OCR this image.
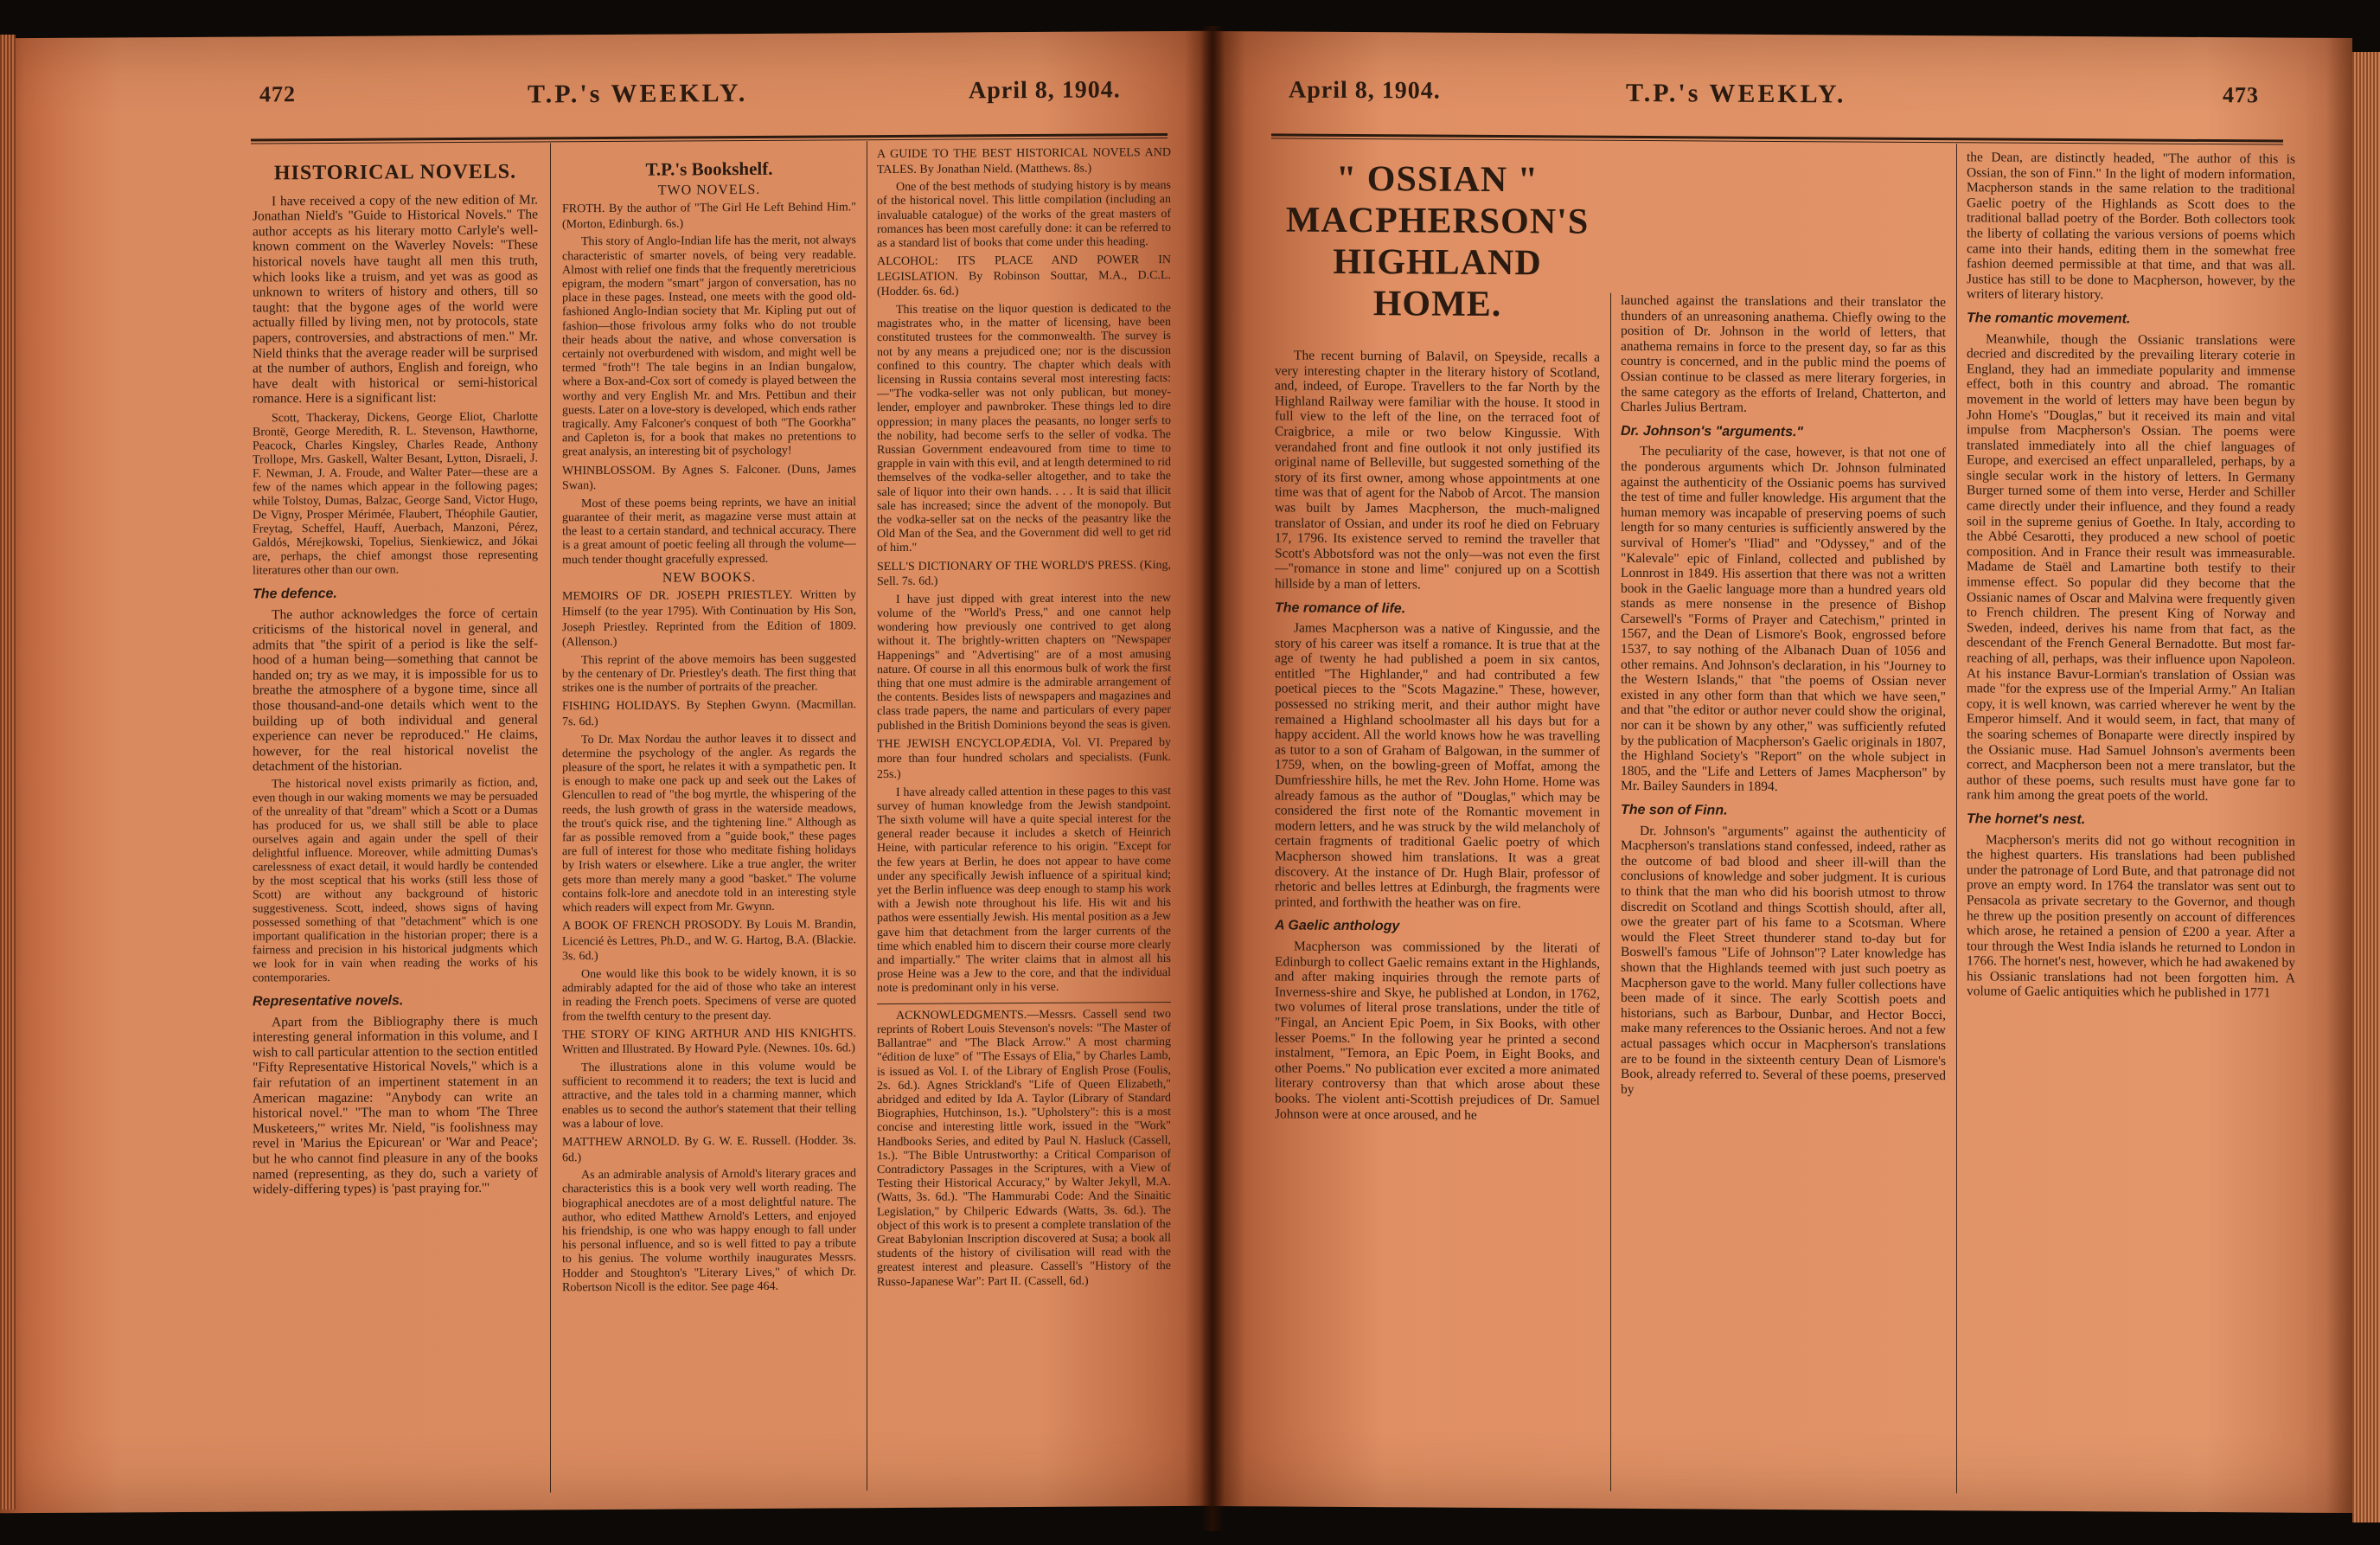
472	T.P.'s WEEKLY.	April 8, 1904.
HISTORICAL NOVELS.

I have received a copy of the new edition of Mr. Jonathan Nield's "Guide to Historical Novels." The author accepts as his literary motto Carlyle's well-known comment on the Waverley Novels: "These historical novels have taught all men this truth, which looks like a truism, and yet was as good as unknown to writers of history and others, till so taught: that the bygone ages of the world were actually filled by living men, not by protocols, state papers, controversies, and abstractions of men." Mr. Nield thinks that the average reader will be surprised at the number of authors, English and foreign, who have dealt with historical or semi-historical romance. Here is a significant list:

Scott, Thackeray, Dickens, George Eliot, Charlotte Brontë, George Meredith, R. L. Stevenson, Hawthorne, Peacock, Charles Kingsley, Charles Reade, Anthony Trollope, Mrs. Gaskell, Walter Besant, Lytton, Disraeli, J. F. Newman, J. A. Froude, and Walter Pater—these are a few of the names which appear in the following pages; while Tolstoy, Dumas, Balzac, George Sand, Victor Hugo, De Vigny, Prosper Mérimée, Flaubert, Théophile Gautier, Freytag, Scheffel, Hauff, Auerbach, Manzoni, Pérez, Galdós, Mérejkowski, Topelius, Sienkiewicz, and Jókai are, perhaps, the chief amongst those representing literatures other than our own.

The defence.

The author acknowledges the force of certain criticisms of the historical novel in general, and admits that "the spirit of a period is like the self-hood of a human being—something that cannot be handed on; try as we may, it is impossible for us to breathe the atmosphere of a bygone time, since all those thousand-and-one details which went to the building up of both individual and general experience can never be reproduced." He claims, however, for the real historical novelist the detachment of the historian.

The historical novel exists primarily as fiction, and, even though in our waking moments we may be persuaded of the unreality of that "dream" which a Scott or a Dumas has produced for us, we shall still be able to place ourselves again and again under the spell of their delightful influence. Moreover, while admitting Dumas's carelessness of exact detail, it would hardly be contended by the most sceptical that his works (still less those of Scott) are without any background of historic suggestiveness. Scott, indeed, shows signs of having possessed something of that "detachment" which is one important qualification in the historian proper; there is a fairness and precision in his historical judgments which we look for in vain when reading the works of his contemporaries.

Representative novels.

Apart from the Bibliography there is much interesting general information in this volume, and I wish to call particular attention to the section entitled "Fifty Representative Historical Novels," which is a fair refutation of an impertinent statement in an American magazine: "Anybody can write an historical novel." "The man to whom 'The Three Musketeers,'" writes Mr. Nield, "is foolishness may revel in 'Marius the Epicurean' or 'War and Peace'; but he who cannot find pleasure in any of the books named (representing, as they do, such a variety of widely-differing types) is 'past praying for.'"

T.P.'s Bookshelf.
TWO NOVELS.

FROTH. By the author of "The Girl He Left Behind Him." (Morton, Edinburgh. 6s.)

This story of Anglo-Indian life has the merit, not always characteristic of smarter novels, of being very readable. Almost with relief one finds that the frequently meretricious epigram, the modern "smart" jargon of conversation, has no place in these pages. Instead, one meets with the good old-fashioned Anglo-Indian society that Mr. Kipling put out of fashion—those frivolous army folks who do not trouble their heads about the native, and whose conversation is certainly not overburdened with wisdom, and might well be termed "froth"! The tale begins in an Indian bungalow, where a Box-and-Cox sort of comedy is played between the worthy and very English Mr. and Mrs. Pettibun and their guests. Later on a love-story is developed, which ends rather tragically. Amy Falconer's conquest of both "The Goorkha" and Capleton is, for a book that makes no pretentions to great analysis, an interesting bit of psychology!

WHINBLOSSOM. By Agnes S. Falconer. (Duns, James Swan).

Most of these poems being reprints, we have an initial guarantee of their merit, as magazine verse must attain at the least to a certain standard, and technical accuracy. There is a great amount of poetic feeling all through the volume—much tender thought gracefully expressed.

NEW BOOKS.

MEMOIRS OF DR. JOSEPH PRIESTLEY. Written by Himself (to the year 1795). With Continuation by His Son, Joseph Priestley. Reprinted from the Edition of 1809. (Allenson.)

This reprint of the above memoirs has been suggested by the centenary of Dr. Priestley's death. The first thing that strikes one is the number of portraits of the preacher.

FISHING HOLIDAYS. By Stephen Gwynn. (Macmillan. 7s. 6d.)

To Dr. Max Nordau the author leaves it to dissect and determine the psychology of the angler. As regards the pleasure of the sport, he relates it with a sympathetic pen. It is enough to make one pack up and seek out the Lakes of Glencullen to read of "the bog myrtle, the whispering of the reeds, the lush growth of grass in the waterside meadows, the trout's quick rise, and the tightening line." Although as far as possible removed from a "guide book," these pages are full of interest for those who meditate fishing holidays by Irish waters or elsewhere. Like a true angler, the writer gets more than merely many a good "basket." The volume contains folk-lore and anecdote told in an interesting style which readers will expect from Mr. Gwynn.

A BOOK OF FRENCH PROSODY. By Louis M. Brandin, Licencié ès Lettres, Ph.D., and W. G. Hartog, B.A. (Blackie. 3s. 6d.)

One would like this book to be widely known, it is so admirably adapted for the aid of those who take an interest in reading the French poets. Specimens of verse are quoted from the twelfth century to the present day.

THE STORY OF KING ARTHUR AND HIS KNIGHTS. Written and Illustrated. By Howard Pyle. (Newnes. 10s. 6d.)

The illustrations alone in this volume would be sufficient to recommend it to readers; the text is lucid and attractive, and the tales told in a charming manner, which enables us to second the author's statement that their telling was a labour of love.

MATTHEW ARNOLD. By G. W. E. Russell. (Hodder. 3s. 6d.)

As an admirable analysis of Arnold's literary graces and characteristics this is a book very well worth reading. The biographical anecdotes are of a most delightful nature. The author, who edited Matthew Arnold's Letters, and enjoyed his friendship, is one who was happy enough to fall under his personal influence, and so is well fitted to pay a tribute to his genius. The volume worthily inaugurates Messrs. Hodder and Stoughton's "Literary Lives," of which Dr. Robertson Nicoll is the editor. See page 464.

A GUIDE TO THE BEST HISTORICAL NOVELS AND TALES. By Jonathan Nield. (Matthews. 8s.)

One of the best methods of studying history is by means of the historical novel. This little compilation (including an invaluable catalogue) of the works of the great masters of romances has been most carefully done: it can be referred to as a standard list of books that come under this heading.

ALCOHOL: ITS PLACE AND POWER IN LEGISLATION. By Robinson Souttar, M.A., D.C.L. (Hodder. 6s. 6d.)

This treatise on the liquor question is dedicated to the magistrates who, in the matter of licensing, have been constituted trustees for the commonwealth. The survey is not by any means a prejudiced one; nor is the discussion confined to this country. The chapter which deals with licensing in Russia contains several most interesting facts:—"The vodka-seller was not only publican, but money-lender, employer and pawnbroker. These things led to dire oppression; in many places the peasants, no longer serfs to the nobility, had become serfs to the seller of vodka. The Russian Government endeavoured from time to time to grapple in vain with this evil, and at length determined to rid themselves of the vodka-seller altogether, and to take the sale of liquor into their own hands. . . . It is said that illicit sale has increased; since the advent of the monopoly. But the vodka-seller sat on the necks of the peasantry like the Old Man of the Sea, and the Government did well to get rid of him."

SELL'S DICTIONARY OF THE WORLD'S PRESS. (King, Sell. 7s. 6d.)

I have just dipped with great interest into the new volume of the "World's Press," and one cannot help wondering how previously one contrived to get along without it. The brightly-written chapters on "Newspaper Happenings" and "Advertising" are of a most amusing nature. Of course in all this enormous bulk of work the first thing that one must admire is the admirable arrangement of the contents. Besides lists of newspapers and magazines and class trade papers, the name and particulars of every paper published in the British Dominions beyond the seas is given.

THE JEWISH ENCYCLOPÆDIA, Vol. VI. Prepared by more than four hundred scholars and specialists. (Funk. 25s.)

I have already called attention in these pages to this vast survey of human knowledge from the Jewish standpoint. The sixth volume will have a quite special interest for the general reader because it includes a sketch of Heinrich Heine, with particular reference to his origin. "Except for the few years at Berlin, he does not appear to have come under any specifically Jewish influence of a spiritual kind; yet the Berlin influence was deep enough to stamp his work with a Jewish note throughout his life. His wit and his pathos were essentially Jewish. His mental position as a Jew gave him that detachment from the larger currents of the time which enabled him to discern their course more clearly and impartially." The writer claims that in almost all his prose Heine was a Jew to the core, and that the individual note is predominant only in his verse.

ACKNOWLEDGMENTS.—Messrs. Cassell send two reprints of Robert Louis Stevenson's novels: "The Master of Ballantrae" and "The Black Arrow." A most charming "édition de luxe" of "The Essays of Elia," by Charles Lamb, is issued as Vol. I. of the Library of English Prose (Foulis, 2s. 6d.). Agnes Strickland's "Life of Queen Elizabeth," abridged and edited by Ida A. Taylor (Library of Standard Biographies, Hutchinson, 1s.). "Upholstery": this is a most concise and interesting little work, issued in the "Work" Handbooks Series, and edited by Paul N. Hasluck (Cassell, 1s.). "The Bible Untrustworthy: a Critical Comparison of Contradictory Passages in the Scriptures, with a View of Testing their Historical Accuracy," by Walter Jekyll, M.A. (Watts, 3s. 6d.). "The Hammurabi Code: And the Sinaitic Legislation," by Chilperic Edwards (Watts, 3s. 6d.). The object of this work is to present a complete translation of the Great Babylonian Inscription discovered at Susa; a book all students of the history of civilisation will read with the greatest interest and pleasure. Cassell's "History of the Russo-Japanese War": Part II. (Cassell, 6d.)

April 8, 1904.	T.P.'s WEEKLY.	473
" OSSIAN " MACPHERSON'S HIGHLAND HOME.

The recent burning of Balavil, on Speyside, recalls a very interesting chapter in the literary history of Scotland, and, indeed, of Europe. Travellers to the far North by the Highland Railway were familiar with the house. It stood in full view to the left of the line, on the terraced foot of Craigbrice, a mile or two below Kingussie. With verandahed front and fine outlook it not only justified its original name of Belleville, but suggested something of the story of its first owner, among whose appointments at one time was that of agent for the Nabob of Arcot. The mansion was built by James Macpherson, the much-maligned translator of Ossian, and under its roof he died on February 17, 1796. Its existence served to remind the traveller that Scott's Abbotsford was not the only—was not even the first—"romance in stone and lime" conjured up on a Scottish hillside by a man of letters.

The romance of life.

James Macpherson was a native of Kingussie, and the story of his career was itself a romance. It is true that at the age of twenty he had published a poem in six cantos, entitled "The Highlander," and had contributed a few poetical pieces to the "Scots Magazine." These, however, possessed no striking merit, and their author might have remained a Highland schoolmaster all his days but for a happy accident. All the world knows how he was travelling as tutor to a son of Graham of Balgowan, in the summer of 1759, when, on the bowling-green of Moffat, among the Dumfriesshire hills, he met the Rev. John Home. Home was already famous as the author of "Douglas," which may be considered the first note of the Romantic movement in modern letters, and he was struck by the wild melancholy of certain fragments of traditional Gaelic poetry of which Macpherson showed him translations. It was a great discovery. At the instance of Dr. Hugh Blair, professor of rhetoric and belles lettres at Edinburgh, the fragments were printed, and forthwith the heather was on fire.

A Gaelic anthology

Macpherson was commissioned by the literati of Edinburgh to collect Gaelic remains extant in the Highlands, and after making inquiries through the remote parts of Inverness-shire and Skye, he published at London, in 1762, two volumes of literal prose translations, under the title of "Fingal, an Ancient Epic Poem, in Six Books, with other lesser Poems." In the following year he printed a second instalment, "Temora, an Epic Poem, in Eight Books, and other Poems." No publication ever excited a more animated literary controversy than that which arose about these books. The violent anti-Scottish prejudices of Dr. Samuel Johnson were at once aroused, and he

launched against the translations and their translator the thunders of an unreasoning anathema. Chiefly owing to the position of Dr. Johnson in the world of letters, that anathema remains in force to the present day, so far as this country is concerned, and in the public mind the poems of Ossian continue to be classed as mere literary forgeries, in the same category as the efforts of Ireland, Chatterton, and Charles Julius Bertram.

Dr. Johnson's "arguments."

The peculiarity of the case, however, is that not one of the ponderous arguments which Dr. Johnson fulminated against the authenticity of the Ossianic poems has survived the test of time and fuller knowledge. His argument that the human memory was incapable of preserving poems of such length for so many centuries is sufficiently answered by the survival of Homer's "Iliad" and "Odyssey," and of the "Kalevale" epic of Finland, collected and published by Lonnrost in 1849. His assertion that there was not a written book in the Gaelic language more than a hundred years old stands as mere nonsense in the presence of Bishop Carsewell's "Forms of Prayer and Catechism," printed in 1567, and the Dean of Lismore's Book, engrossed before 1537, to say nothing of the Albanach Duan of 1056 and other remains. And Johnson's declaration, in his "Journey to the Western Islands," that "the poems of Ossian never existed in any other form than that which we have seen," and that "the editor or author never could show the original, nor can it be shown by any other," was sufficiently refuted by the publication of Macpherson's Gaelic originals in 1807, the Highland Society's "Report" on the whole subject in 1805, and the "Life and Letters of James Macpherson" by Mr. Bailey Saunders in 1894.

The son of Finn.

Dr. Johnson's "arguments" against the authenticity of Macpherson's translations stand confessed, indeed, rather as the outcome of bad blood and sheer ill-will than the conclusions of knowledge and sober judgment. It is curious to think that the man who did his boorish utmost to throw discredit on Scotland and things Scottish should, after all, owe the greater part of his fame to a Scotsman. Where would the Fleet Street thunderer stand to-day but for Boswell's famous "Life of Johnson"? Later knowledge has shown that the Highlands teemed with just such poetry as Macpherson gave to the world. Many fuller collections have been made of it since. The early Scottish poets and historians, such as Barbour, Dunbar, and Hector Bocci, make many references to the Ossianic heroes. And not a few actual passages which occur in Macpherson's translations are to be found in the sixteenth century Dean of Lismore's Book, already referred to. Several of these poems, preserved by

the Dean, are distinctly headed, "The author of this is Ossian, the son of Finn." In the light of modern information, Macpherson stands in the same relation to the traditional Gaelic poetry of the Highlands as Scott does to the traditional ballad poetry of the Border. Both collectors took the liberty of collating the various versions of poems which came into their hands, editing them in the somewhat free fashion deemed permissible at that time, and that was all. Justice has still to be done to Macpherson, however, by the writers of literary history.

The romantic movement.

Meanwhile, though the Ossianic translations were decried and discredited by the prevailing literary coterie in England, they had an immediate popularity and immense effect, both in this country and abroad. The romantic movement in the world of letters may have been begun by John Home's "Douglas," but it received its main and vital impulse from Macpherson's Ossian. The poems were translated immediately into all the chief languages of Europe, and exercised an effect unparalleled, perhaps, by a single secular work in the history of letters. In Germany Burger turned some of them into verse, Herder and Schiller came directly under their influence, and they found a ready soil in the supreme genius of Goethe. In Italy, according to the Abbé Cesarotti, they produced a new school of poetic composition. And in France their result was immeasurable. Madame de Staël and Lamartine both testify to their immense effect. So popular did they become that the Ossianic names of Oscar and Malvina were frequently given to French children. The present King of Norway and Sweden, indeed, derives his name from that fact, as the descendant of the French General Bernadotte. But most far-reaching of all, perhaps, was their influence upon Napoleon. At his instance Bavur-Lormian's translation of Ossian was made "for the express use of the Imperial Army." An Italian copy, it is well known, was carried wherever he went by the Emperor himself. And it would seem, in fact, that many of the soaring schemes of Bonaparte were directly inspired by the Ossianic muse. Had Samuel Johnson's averments been correct, and Macpherson been not a mere translator, but the author of these poems, such results must have gone far to rank him among the great poets of the world.

The hornet's nest.

Macpherson's merits did not go without recognition in the highest quarters. His translations had been published under the patronage of Lord Bute, and that patronage did not prove an empty word. In 1764 the translator was sent out to Pensacola as private secretary to the Governor, and though he threw up the position presently on account of differences which arose, he retained a pension of £200 a year. After a tour through the West India islands he returned to London in 1766. The hornet's nest, however, which he had awakened by his Ossianic translations had not been forgotten him. A volume of Gaelic antiquities which he published in 1771
